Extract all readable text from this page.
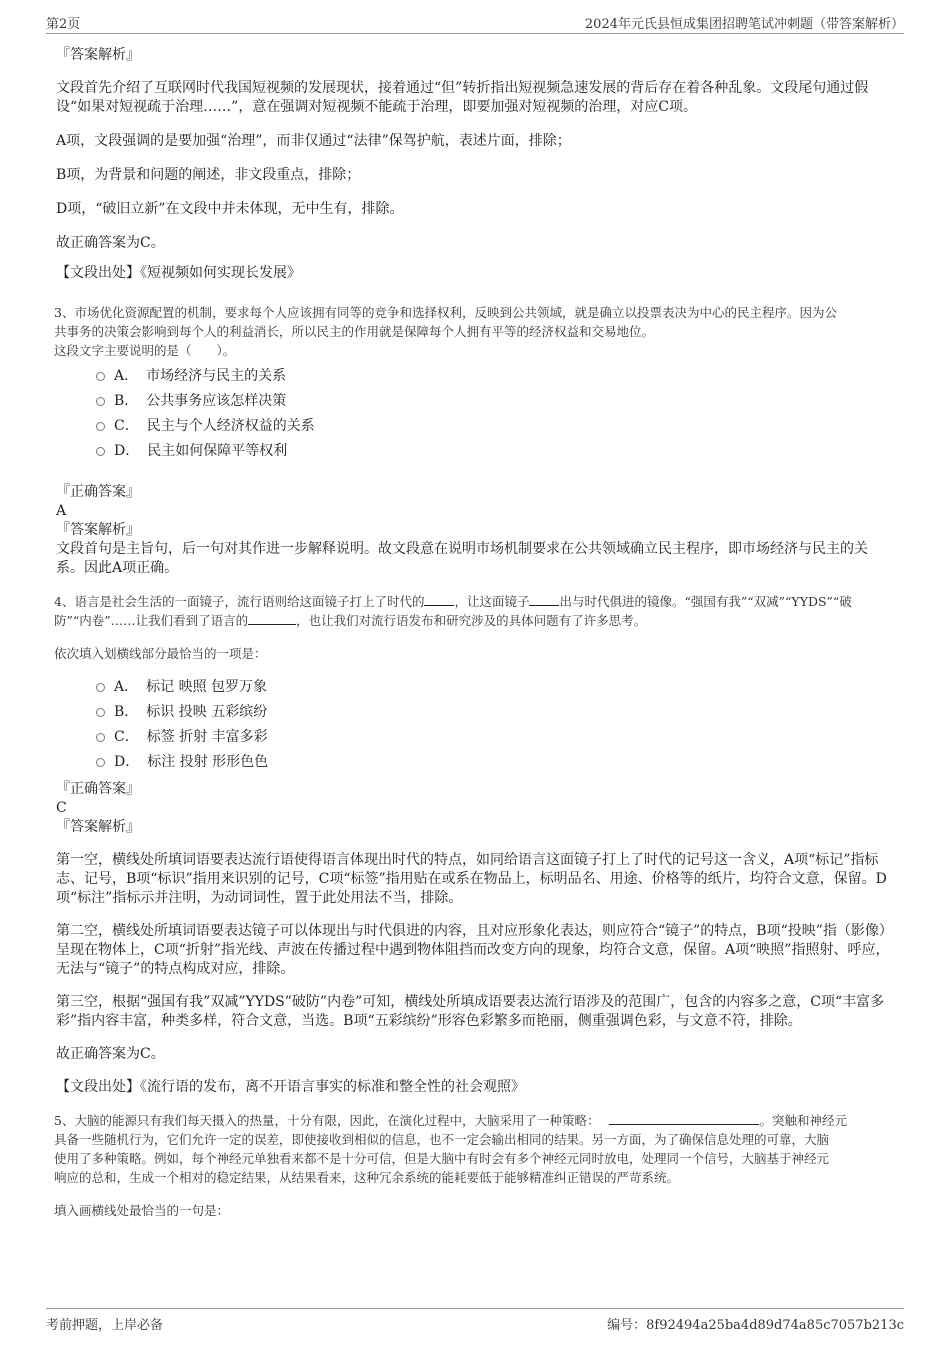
第2页	2024年元氏县恒成集团招聘笔试冲刺题（带答案解析）

『答案解析』

文段首先介绍了互联网时代我国短视频的发展现状，接着通过“但”转折指出短视频急速发展的背后存在着各种乱象。文段尾句通过假设“如果对短视疏于治理……”，意在强调对短视频不能疏于治理，即要加强对短视频的治理，对应C项。

A项，文段强调的是要加强“治理”，而非仅通过“法律”保驾护航，表述片面，排除；

B项，为背景和问题的阐述，非文段重点，排除；

D项，“破旧立新”在文段中并未体现，无中生有，排除。

故正确答案为C。

【文段出处】《短视频如何实现长发展》

3、市场优化资源配置的机制，要求每个人应该拥有同等的竞争和选择权利，反映到公共领域，就是确立以投票表决为中心的民主程序。因为公

共事务的决策会影响到每个人的利益消长，所以民主的作用就是保障每个人拥有平等的经济权益和交易地位。

这段文字主要说明的是（　　）。

A． 市场经济与民主的关系
B． 公共事务应该怎样决策
C． 民主与个人经济权益的关系
D． 民主如何保障平等权利

『正确答案』

A

『答案解析』

文段首句是主旨句，后一句对其作进一步解释说明。故文段意在说明市场机制要求在公共领域确立民主程序，即市场经济与民主的关系。因此A项正确。

4、语言是社会生活的一面镜子，流行语则给这面镜子打上了时代的 ，让这面镜子 出与时代俱进的镜像。“强国有我”“双减”“YYDS”“破
防”“内卷”……让我们看到了语言的	，也让我们对流行语发布和研究涉及的具体问题有了许多思考。

依次填入划横线部分最恰当的一项是：

A． 标记 映照 包罗万象
B． 标识 投映 五彩缤纷
C． 标签 折射 丰富多彩
D． 标注 投射 形形色色

『正确答案』

C

『答案解析』

第一空，横线处所填词语要表达流行语使得语言体现出时代的特点，如同给语言这面镜子打上了时代的记号这一含义，A项“标记”指标志、记号，B项“标识”指用来识别的记号，C项“标签”指用贴在或系在物品上，标明品名、用途、价格等的纸片，均符合文意，保留。D项“标注”指标示并注明，为动词词性，置于此处用法不当，排除。

第二空，横线处所填词语要表达镜子可以体现出与时代俱进的内容，且对应形象化表达，则应符合“镜子”的特点，B项“投映”指（影像）呈现在物体上，C项“折射”指光线、声波在传播过程中遇到物体阻挡而改变方向的现象，均符合文意，保留。A项“映照”指照射、呼应，无法与“镜子”的特点构成对应，排除。

第三空，根据“强国有我”双减”YYDS”破防”内卷”可知，横线处所填成语要表达流行语涉及的范围广，包含的内容多之意，C项“丰富多彩”指内容丰富，种类多样，符合文意，当选。B项“五彩缤纷”形容色彩繁多而艳丽，侧重强调色彩，与文意不符，排除。

故正确答案为C。

【文段出处】《流行语的发布，离不开语言事实的标准和整全性的社会观照》

5、大脑的能源只有我们每天摄入的热量，十分有限，因此，在演化过程中，大脑采用了一种策略：	。突触和神经元
具备一些随机行为，它们允许一定的误差，即使接收到相似的信息，也不一定会输出相同的结果。另一方面，为了确保信息处理的可靠，大脑
使用了多种策略。例如，每个神经元单独看来都不是十分可信，但是大脑中有时会有多个神经元同时放电，处理同一个信号，大脑基于神经元
响应的总和，生成一个相对的稳定结果，从结果看来，这种冗余系统的能耗要低于能够精准纠正错误的严苛系统。

填入画横线处最恰当的一句是：

考前押题，上岸必备	编号：8f92494a25ba4d89d74a85c7057b213c
